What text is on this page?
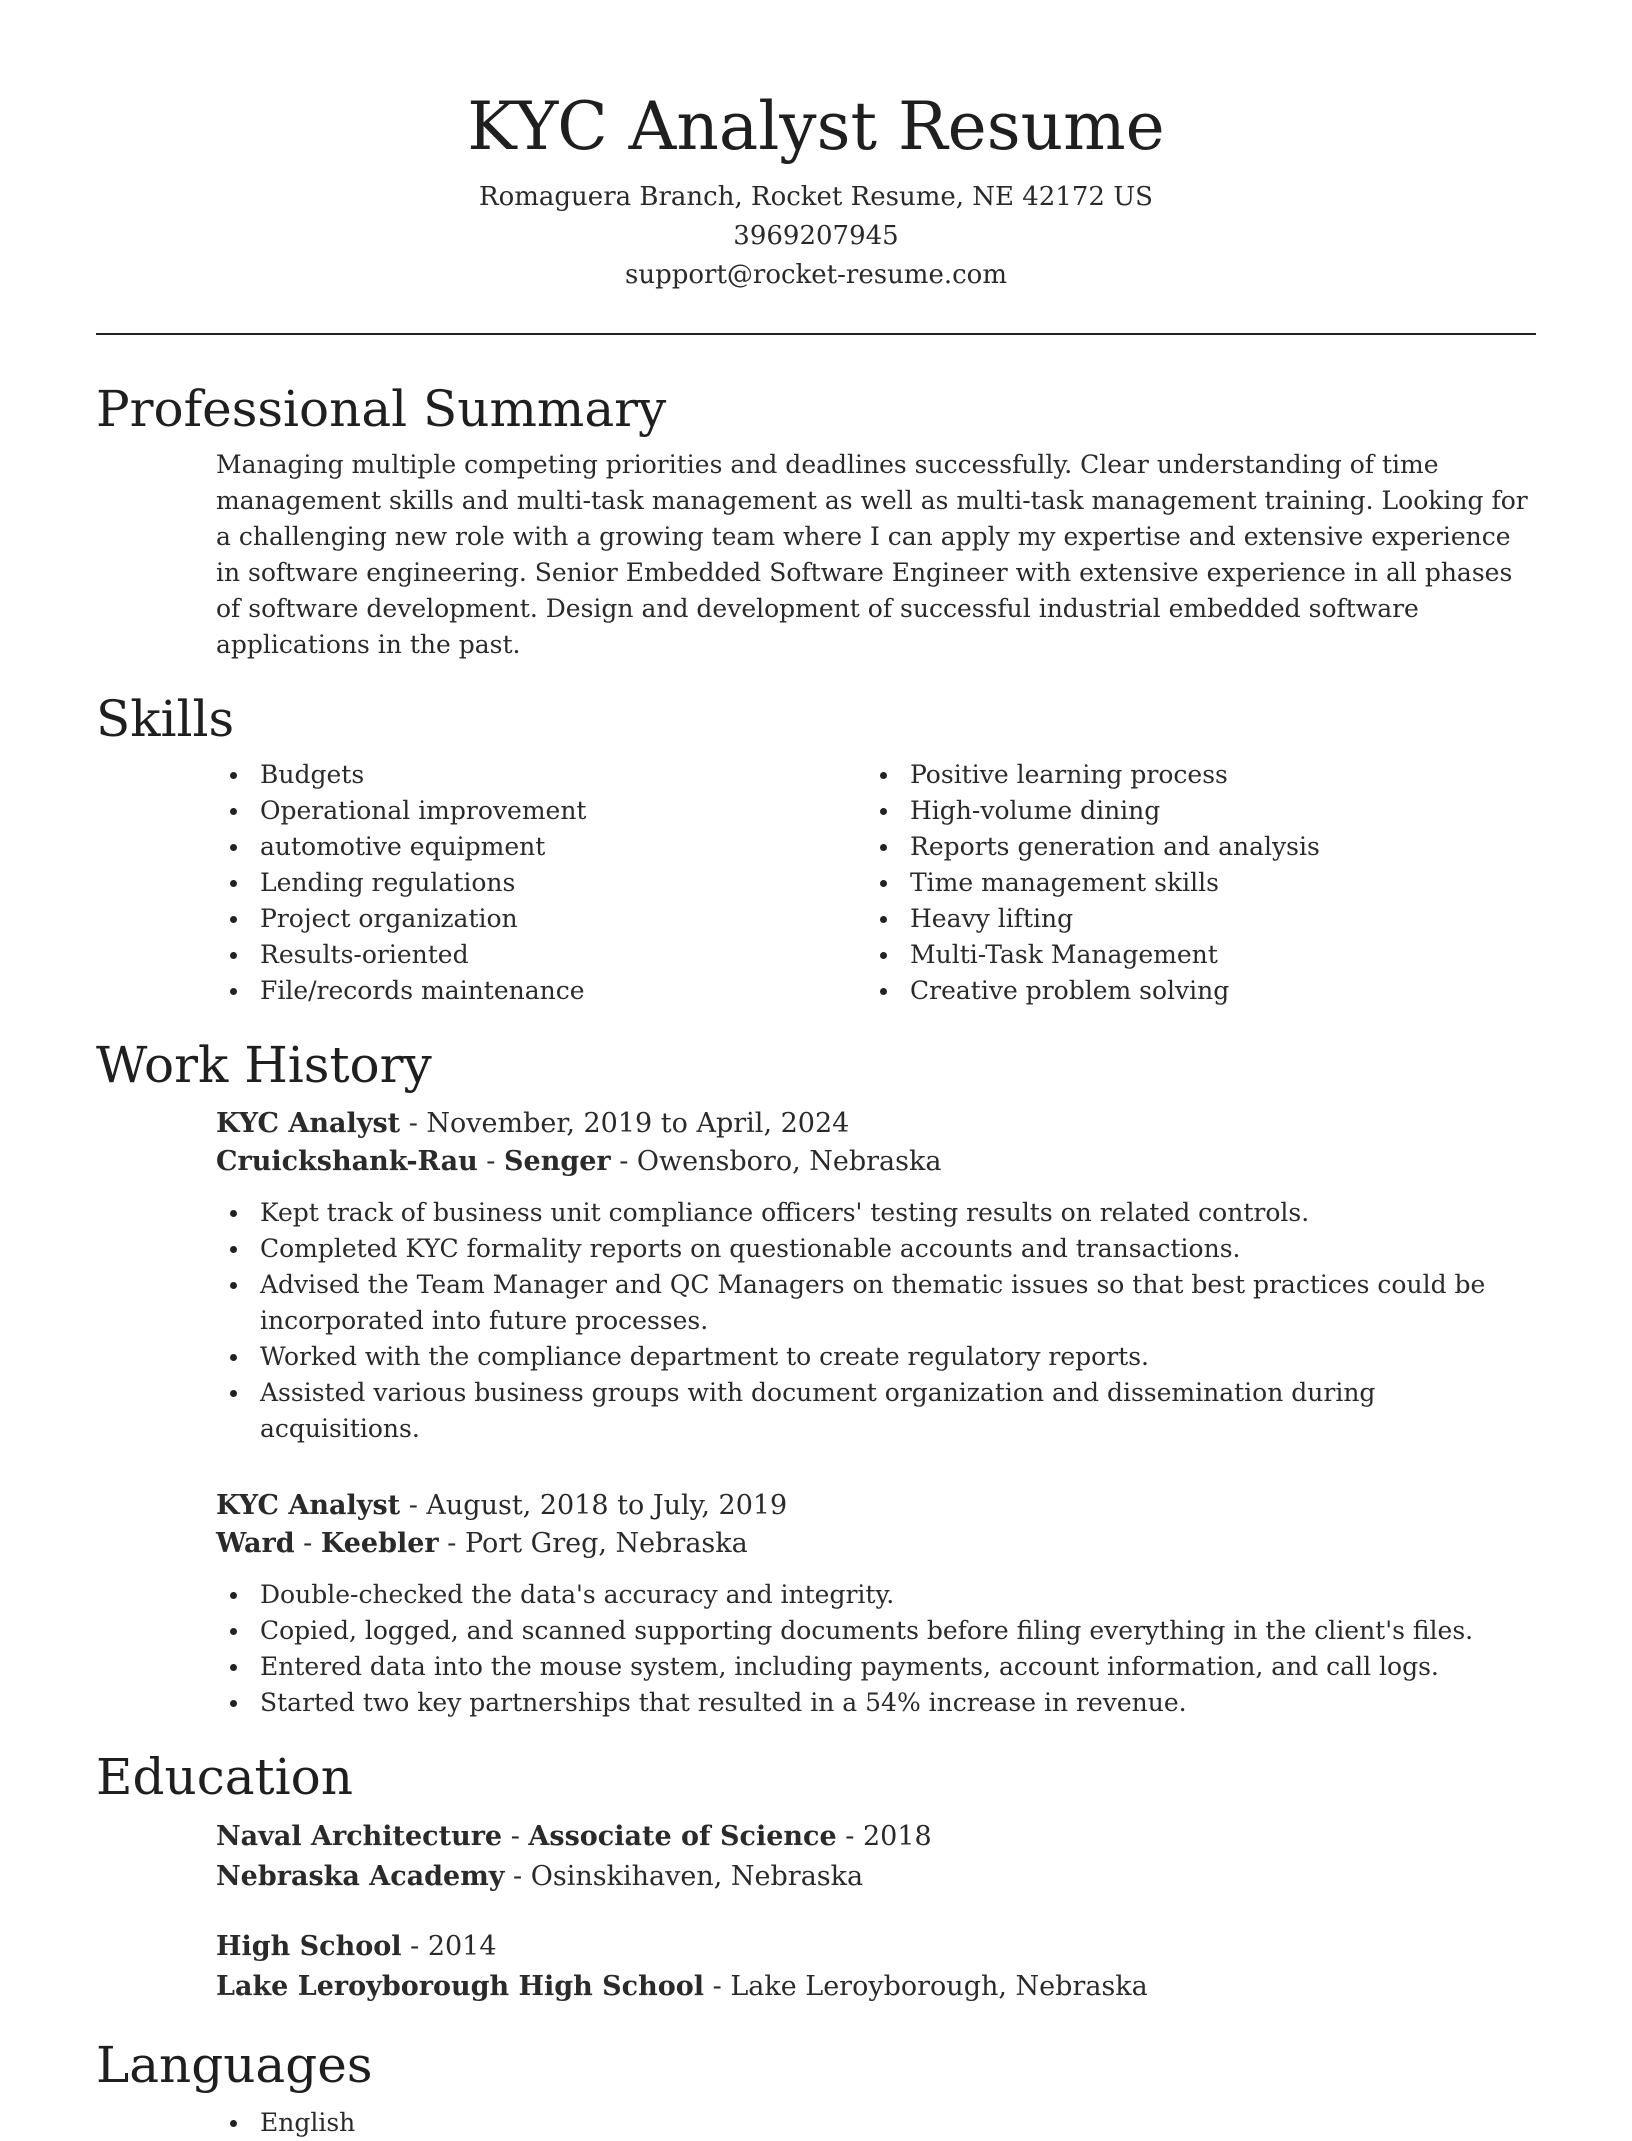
KYC Analyst Resume
Romaguera Branch, Rocket Resume, NE 42172 US
3969207945
support@rocket-resume.com
Professional Summary
Managing multiple competing priorities and deadlines successfully. Clear understanding of time management skills and multi-task management as well as multi-task management training. Looking for a challenging new role with a growing team where I can apply my expertise and extensive experience in software engineering. Senior Embedded Software Engineer with extensive experience in all phases of software development. Design and development of successful industrial embedded software applications in the past.
Skills
Budgets
Operational improvement
automotive equipment
Lending regulations
Project organization
Results-oriented
File/records maintenance
Positive learning process
High-volume dining
Reports generation and analysis
Time management skills
Heavy lifting
Multi-Task Management
Creative problem solving
Work History
KYC Analyst - November, 2019 to April, 2024
Cruickshank-Rau - Senger - Owensboro, Nebraska
Kept track of business unit compliance officers' testing results on related controls.
Completed KYC formality reports on questionable accounts and transactions.
Advised the Team Manager and QC Managers on thematic issues so that best practices could be incorporated into future processes.
Worked with the compliance department to create regulatory reports.
Assisted various business groups with document organization and dissemination during acquisitions.
KYC Analyst - August, 2018 to July, 2019
Ward - Keebler - Port Greg, Nebraska
Double-checked the data's accuracy and integrity.
Copied, logged, and scanned supporting documents before filing everything in the client's files.
Entered data into the mouse system, including payments, account information, and call logs.
Started two key partnerships that resulted in a 54% increase in revenue.
Education
Naval Architecture - Associate of Science - 2018
Nebraska Academy - Osinskihaven, Nebraska
High School - 2014
Lake Leroyborough High School - Lake Leroyborough, Nebraska
Languages
English
